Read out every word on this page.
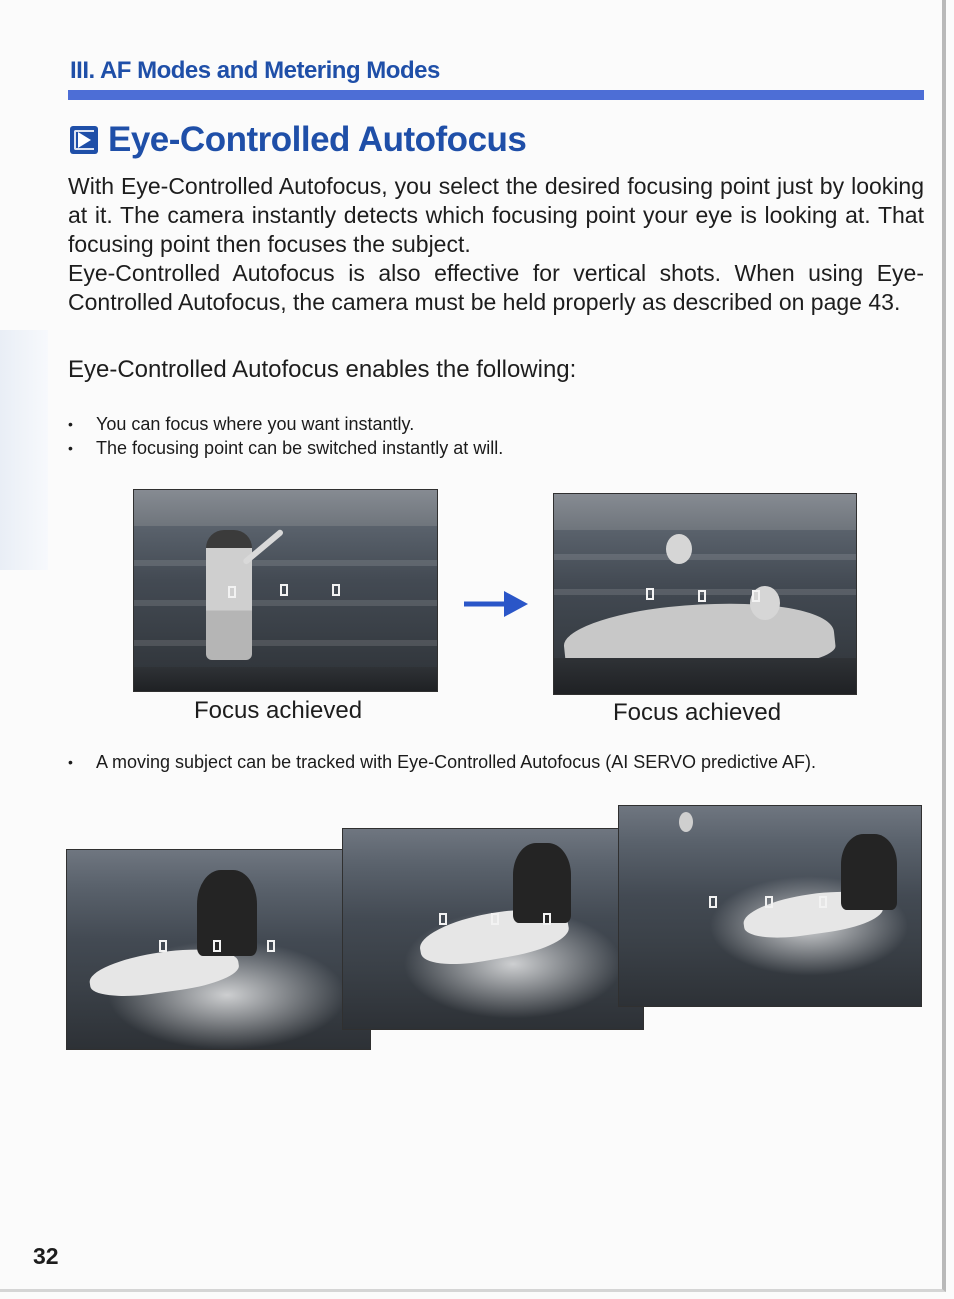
III. AF Modes and Metering Modes
Eye-Controlled Autofocus

With Eye-Controlled Autofocus, you select the desired focusing point just by looking at it. The camera instantly detects which focusing point your eye is looking at. That focusing point then focuses the subject.

Eye-Controlled Autofocus is also effective for vertical shots. When using Eye-Controlled Autofocus, the camera must be held properly as described on page 43.

Eye-Controlled Autofocus enables the following:
• You can focus where you want instantly.
• The focusing point can be switched instantly at will.
Focus achieved	Focus achieved
• A moving subject can be tracked with Eye-Controlled Autofocus (AI SERVO predictive AF).
32
